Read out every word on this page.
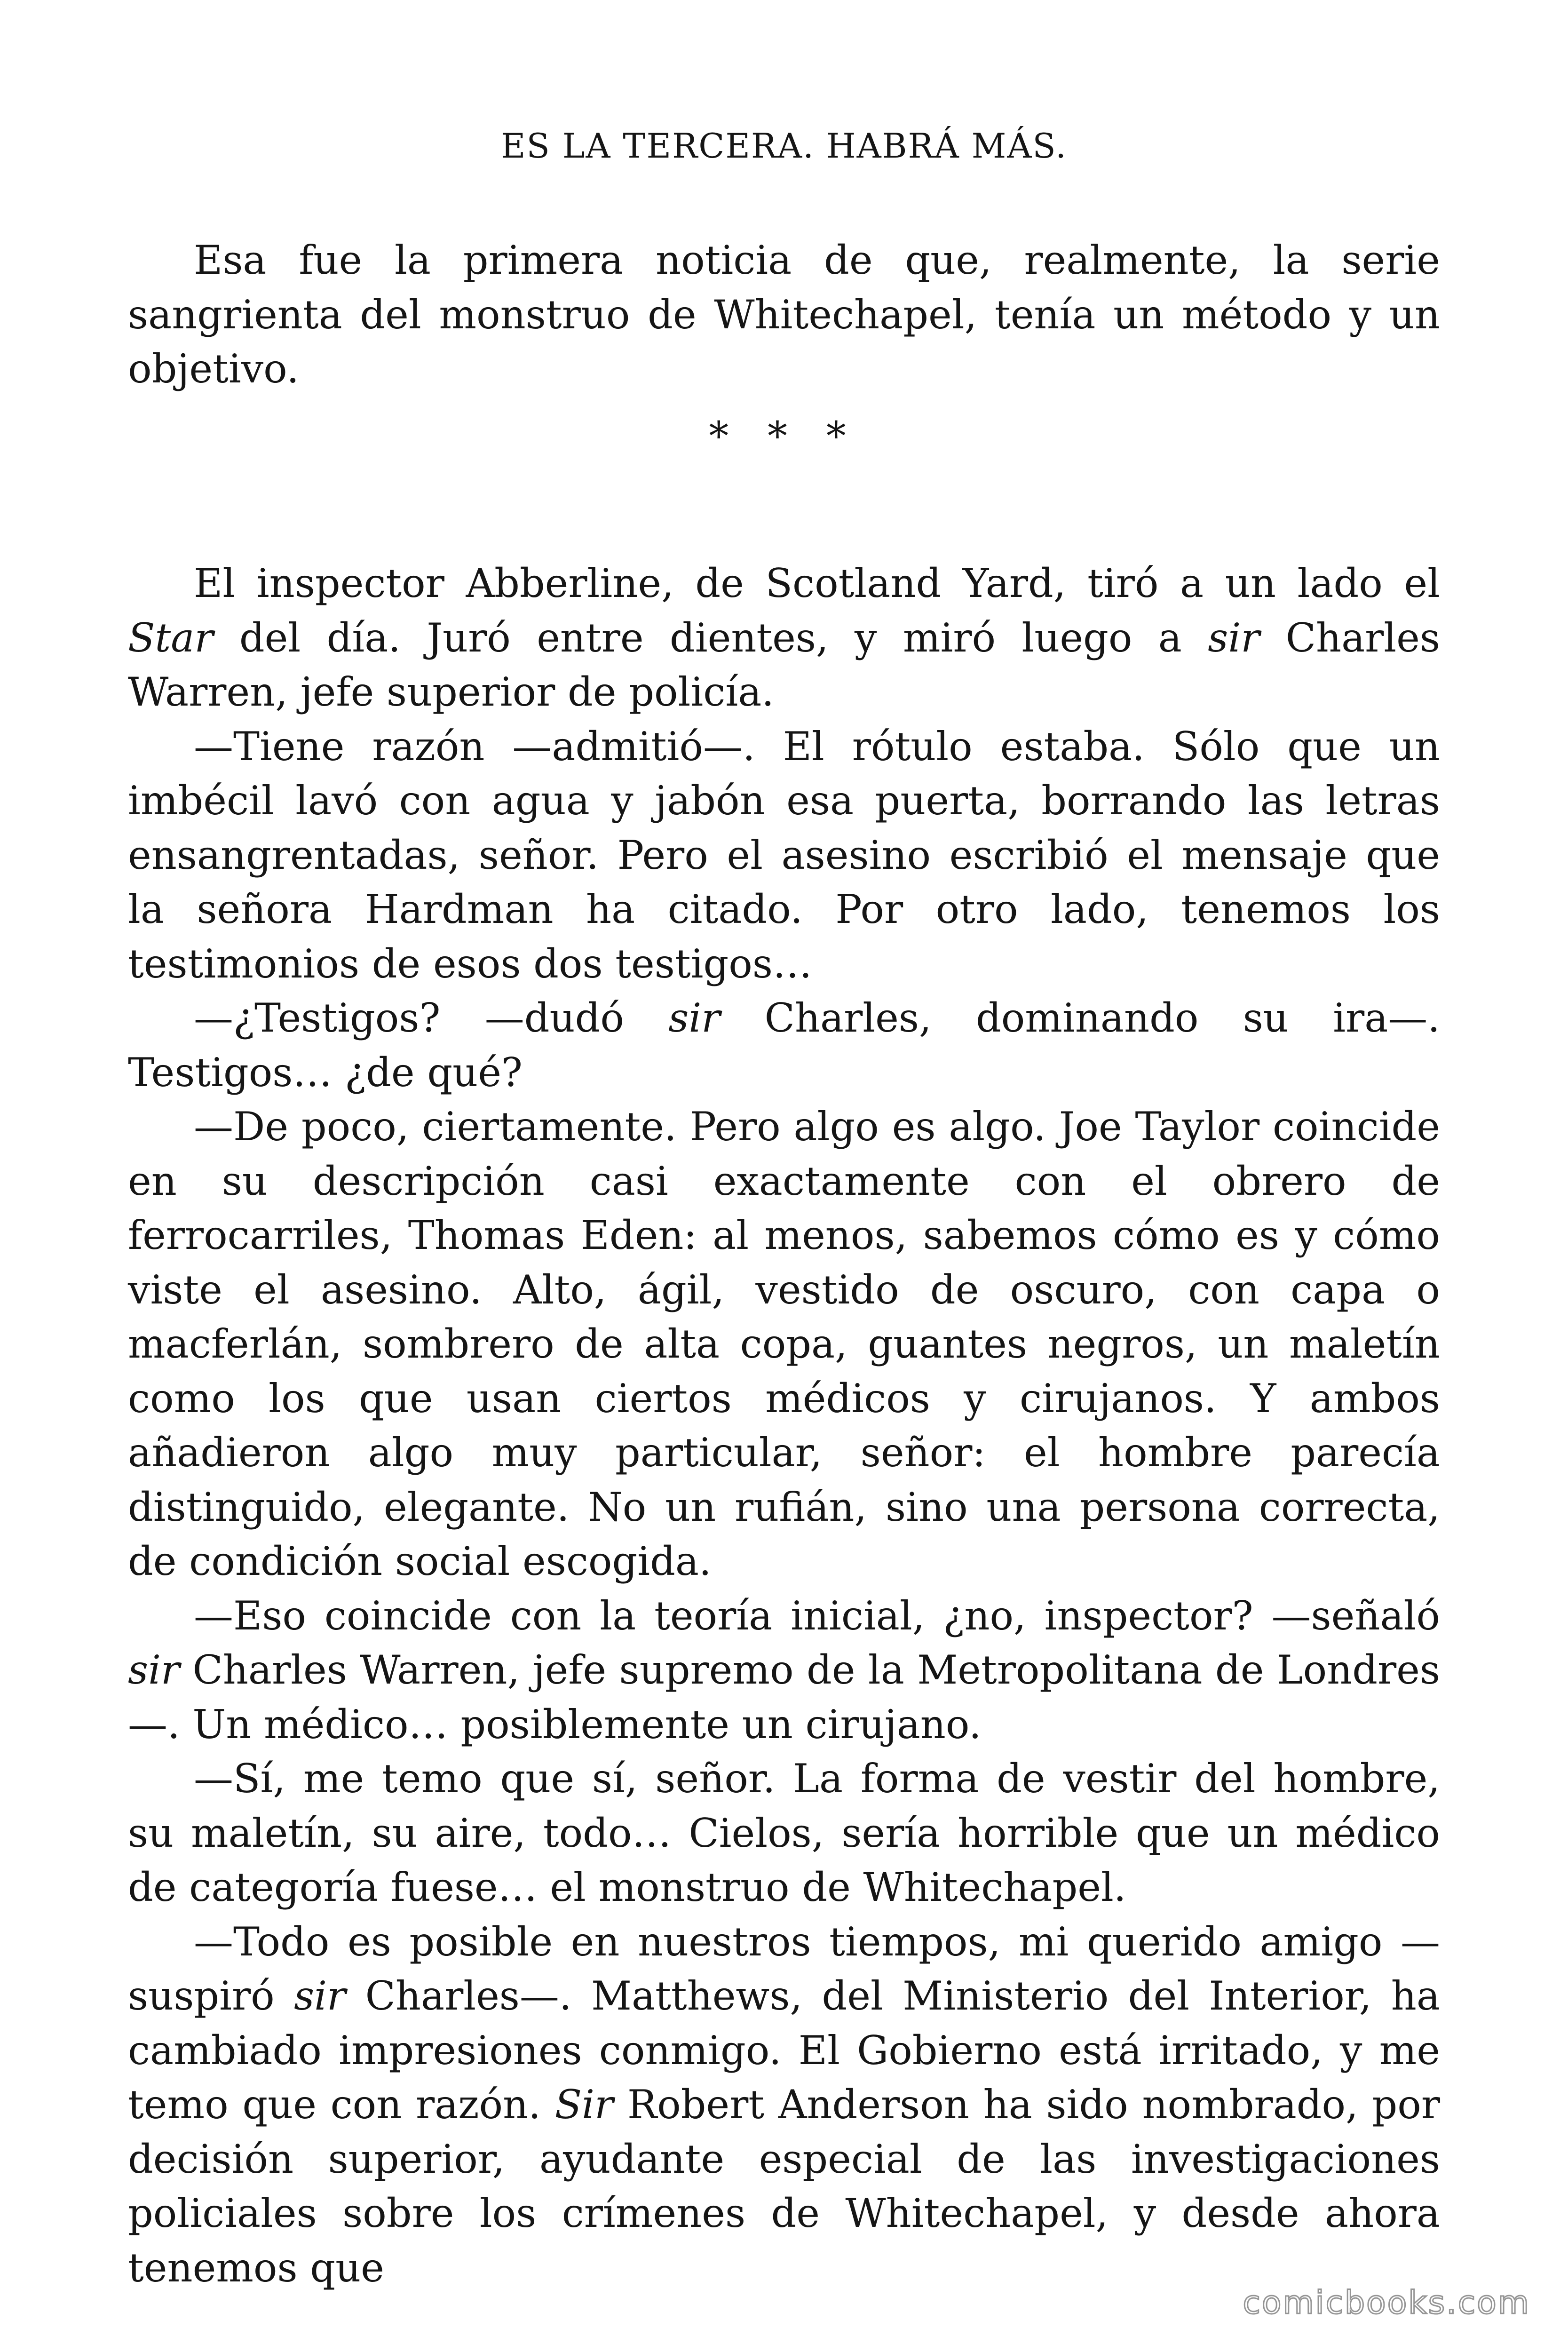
ES LA TERCERA. HABRÁ MÁS.

Esa fue la primera noticia de que, realmente, la serie sangrienta del monstruo de Whitechapel, tenía un método y un objetivo.

* * *

El inspector Abberline, de Scotland Yard, tiró a un lado el Star del día. Juró entre dientes, y miró luego a sir Charles Warren, jefe superior de policía.

—Tiene razón —admitió—. El rótulo estaba. Sólo que un imbécil lavó con agua y jabón esa puerta, borrando las letras ensangrentadas, señor. Pero el asesino escribió el mensaje que la señora Hardman ha citado. Por otro lado, tenemos los testimonios de esos dos testigos…

—¿Testigos? —dudó sir Charles, dominando su ira—. Testigos… ¿de qué?

—De poco, ciertamente. Pero algo es algo. Joe Taylor coincide en su descripción casi exactamente con el obrero de ferrocarriles, Thomas Eden: al menos, sabemos cómo es y cómo viste el asesino. Alto, ágil, vestido de oscuro, con capa o macferlán, sombrero de alta copa, guantes negros, un maletín como los que usan ciertos médicos y cirujanos. Y ambos añadieron algo muy particular, señor: el hombre parecía distinguido, elegante. No un rufián, sino una persona correcta, de condición social escogida.

—Eso coincide con la teoría inicial, ¿no, inspector? —señaló sir Charles Warren, jefe supremo de la Metropolitana de Londres—. Un médico… posiblemente un cirujano.

—Sí, me temo que sí, señor. La forma de vestir del hombre, su maletín, su aire, todo… Cielos, sería horrible que un médico de categoría fuese… el monstruo de Whitechapel.

—Todo es posible en nuestros tiempos, mi querido amigo —suspiró sir Charles—. Matthews, del Ministerio del Interior, ha cambiado impresiones conmigo. El Gobierno está irritado, y me temo que con razón. Sir Robert Anderson ha sido nombrado, por decisión superior, ayudante especial de las investigaciones policiales sobre los crímenes de Whitechapel, y desde ahora tenemos que

comicbooks.com
